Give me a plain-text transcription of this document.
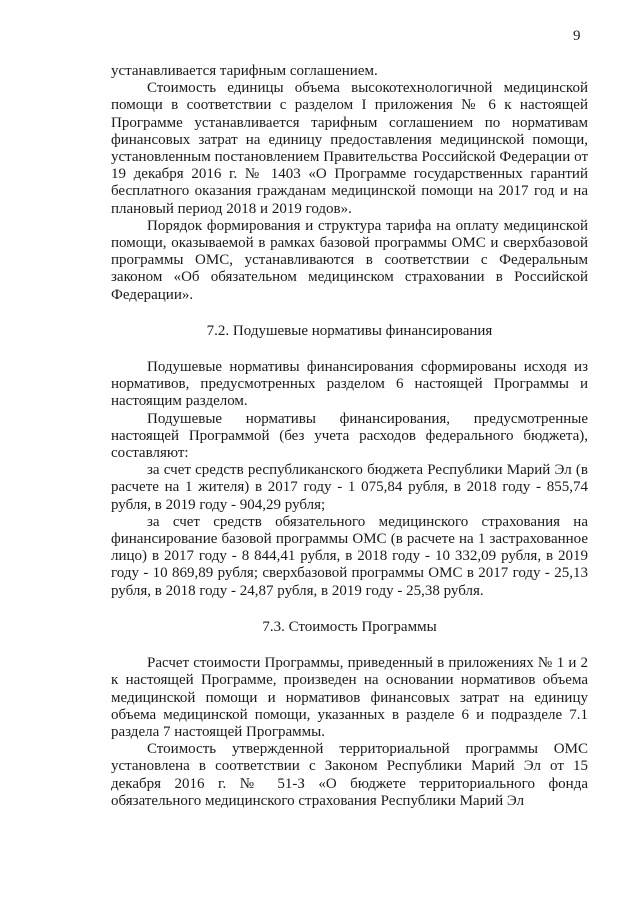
9

устанавливается тарифным соглашением.

Стоимость единицы объема высокотехнологичной медицинской помощи в соответствии с разделом I приложения № 6 к настоящей Программе устанавливается тарифным соглашением по нормативам финансовых затрат на единицу предоставления медицинской помощи, установленным постановлением Правительства Российской Федерации от 19 декабря 2016 г. № 1403 «О Программе государственных гарантий бесплатного оказания гражданам медицинской помощи на 2017 год и на плановый период 2018 и 2019 годов».

Порядок формирования и структура тарифа на оплату медицинской помощи, оказываемой в рамках базовой программы ОМС и сверхбазовой программы ОМС, устанавливаются в соответствии с Федеральным законом «Об обязательном медицинском страховании в Российской Федерации».

7.2. Подушевые нормативы финансирования

Подушевые нормативы финансирования сформированы исходя из нормативов, предусмотренных разделом 6 настоящей Программы и настоящим разделом.

Подушевые нормативы финансирования, предусмотренные настоящей Программой (без учета расходов федерального бюджета), составляют:

за счет средств республиканского бюджета Республики Марий Эл (в расчете на 1 жителя) в 2017 году - 1 075,84 рубля, в 2018 году - 855,74 рубля, в 2019 году - 904,29 рубля;

за счет средств обязательного медицинского страхования на финансирование базовой программы ОМС (в расчете на 1 застрахованное лицо) в 2017 году - 8 844,41 рубля, в 2018 году - 10 332,09 рубля, в 2019 году - 10 869,89 рубля; сверхбазовой программы ОМС в 2017 году - 25,13 рубля, в 2018 году - 24,87 рубля, в 2019 году - 25,38 рубля.

7.3. Стоимость Программы

Расчет стоимости Программы, приведенный в приложениях № 1 и 2 к настоящей Программе, произведен на основании нормативов объема медицинской помощи и нормативов финансовых затрат на единицу объема медицинской помощи, указанных в разделе 6 и подразделе 7.1 раздела 7 настоящей Программы.

Стоимость утвержденной территориальной программы ОМС установлена в соответствии с Законом Республики Марий Эл от 15 декабря 2016 г. № 51-З «О бюджете территориального фонда обязательного медицинского страхования Республики Марий Эл
